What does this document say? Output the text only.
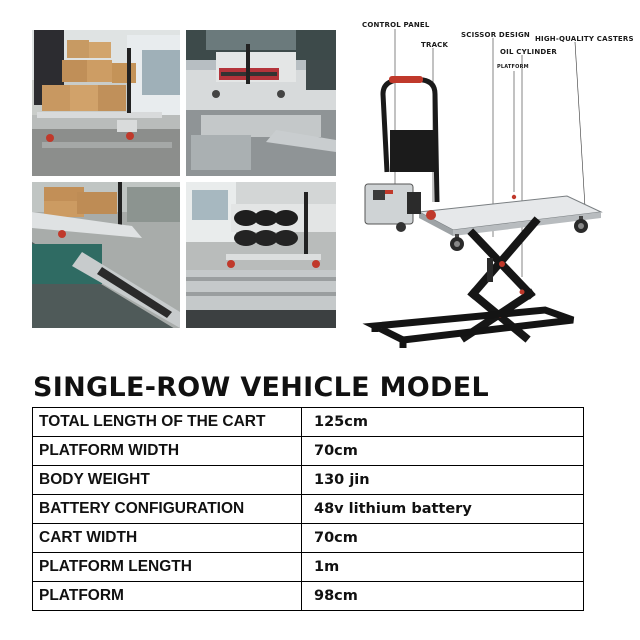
CONTROL PANEL
TRACK
SCISSOR DESIGN
OIL CYLINDER
PLATFORM
HIGH-QUALITY CASTERS
SINGLE-ROW VEHICLE MODEL
TOTAL LENGTH OF THE CART	125cm
PLATFORM WIDTH	70cm
BODY WEIGHT	130 jin
BATTERY CONFIGURATION	48v lithium battery
CART WIDTH	70cm
PLATFORM LENGTH	1m
PLATFORM	98cm
